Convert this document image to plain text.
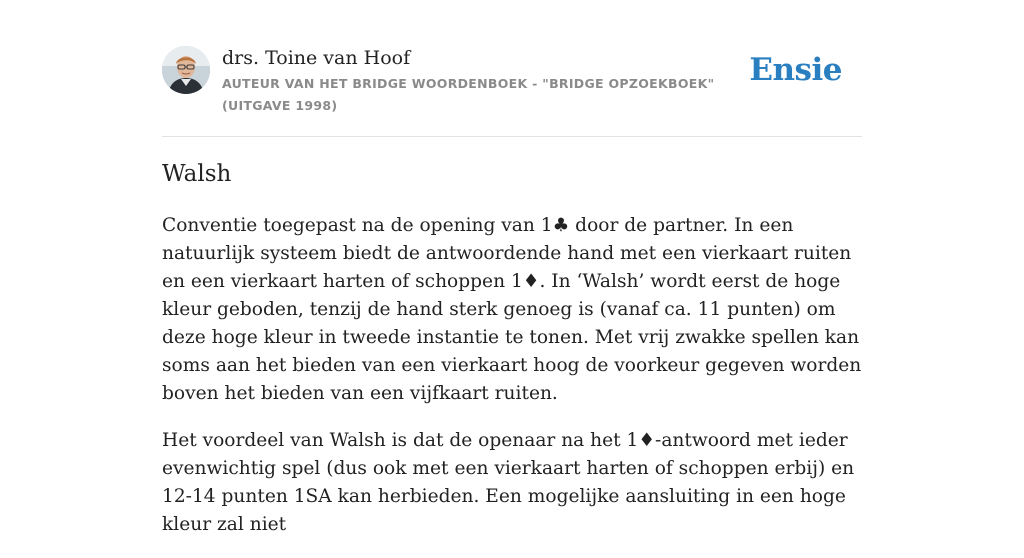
drs. Toine van Hoof
AUTEUR VAN HET BRIDGE WOORDENBOEK - "BRIDGE OPZOEKBOEK" (UITGAVE 1998)
Ensie
Walsh

Conventie toegepast na de opening van 1♣ door de partner. In een natuurlijk systeem biedt de antwoordende hand met een vierkaart ruiten en een vierkaart harten of schoppen 1♦. In ‘Walsh’ wordt eerst de hoge kleur geboden, tenzij de hand sterk genoeg is (vanaf ca. 11 punten) om deze hoge kleur in tweede instantie te tonen. Met vrij zwakke spellen kan soms aan het bieden van een vierkaart hoog de voorkeur gegeven worden boven het bieden van een vijfkaart ruiten.

Het voordeel van Walsh is dat de openaar na het 1♦-antwoord met ieder evenwichtig spel (dus ook met een vierkaart harten of schoppen erbij) en 12-14 punten 1SA kan herbieden. Een mogelijke aansluiting in een hoge kleur zal niet
